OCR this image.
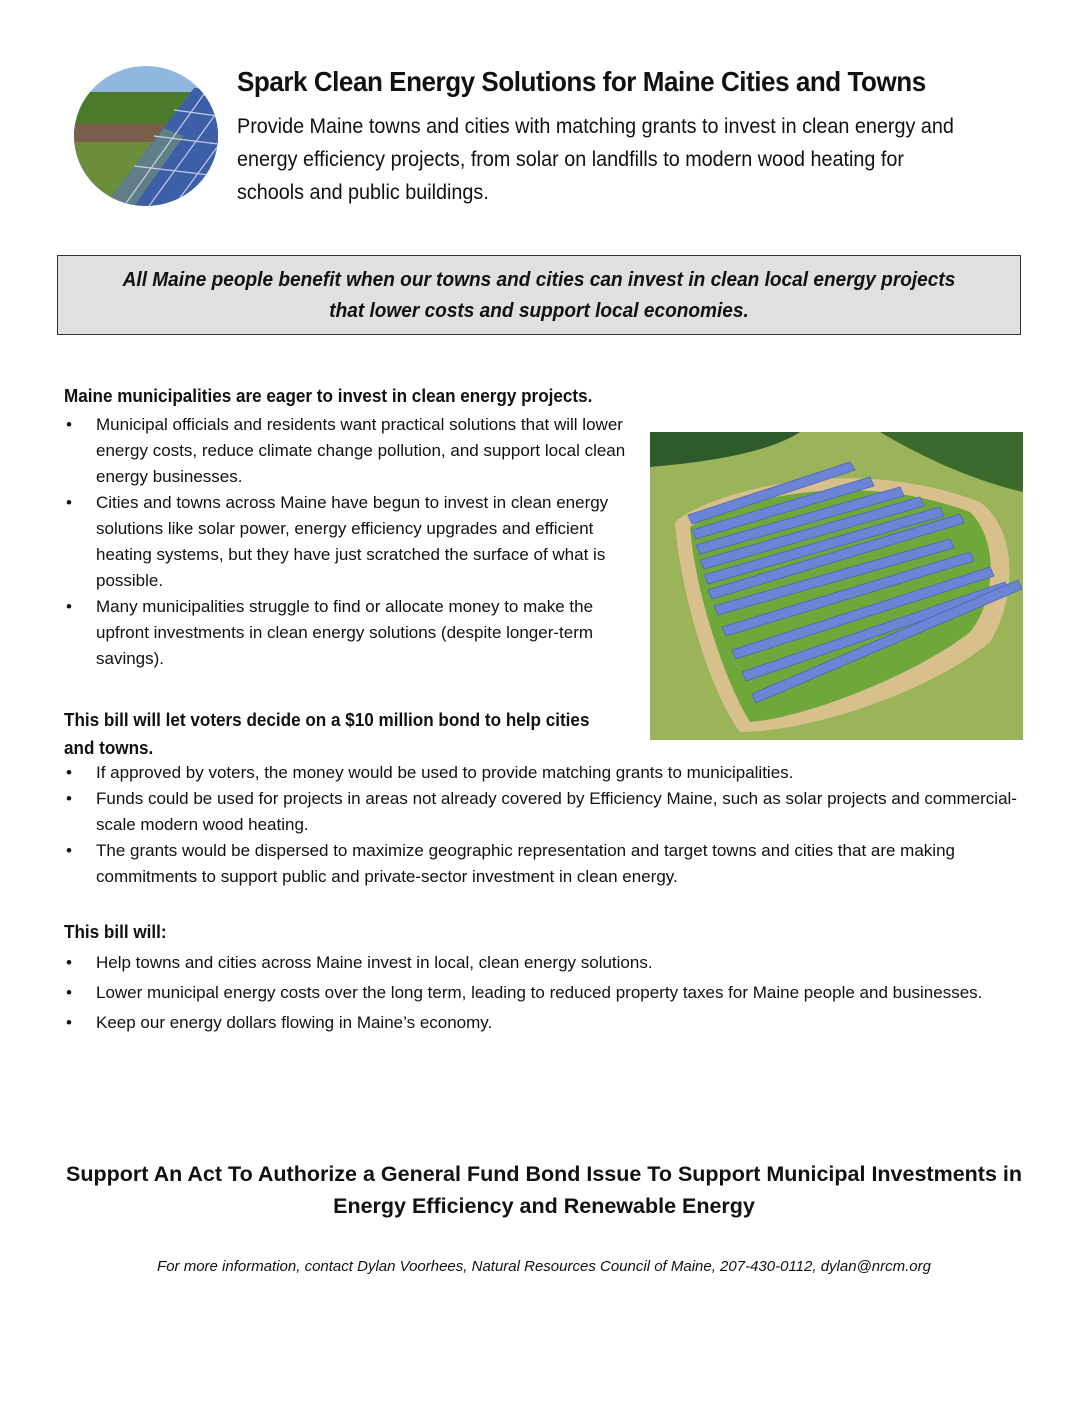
Spark Clean Energy Solutions for Maine Cities and Towns
Provide Maine towns and cities with matching grants to invest in clean energy and energy efficiency projects, from solar on landfills to modern wood heating for schools and public buildings.

All Maine people benefit when our towns and cities can invest in clean local energy projects that lower costs and support local economies.

Maine municipalities are eager to invest in clean energy projects.
• Municipal officials and residents want practical solutions that will lower energy costs, reduce climate change pollution, and support local clean energy businesses.
• Cities and towns across Maine have begun to invest in clean energy solutions like solar power, energy efficiency upgrades and efficient heating systems, but they have just scratched the surface of what is possible.
• Many municipalities struggle to find or allocate money to make the upfront investments in clean energy solutions (despite longer-term savings).
This bill will let voters decide on a $10 million bond to help cities and towns.
• If approved by voters, the money would be used to provide matching grants to municipalities.
• Funds could be used for projects in areas not already covered by Efficiency Maine, such as solar projects and commercial-scale modern wood heating.
• The grants would be dispersed to maximize geographic representation and target towns and cities that are making commitments to support public and private-sector investment in clean energy.
This bill will:
• Help towns and cities across Maine invest in local, clean energy solutions.
• Lower municipal energy costs over the long term, leading to reduced property taxes for Maine people and businesses.
• Keep our energy dollars flowing in Maine’s economy.
Support An Act To Authorize a General Fund Bond Issue To Support Municipal Investments in Energy Efficiency and Renewable Energy
For more information, contact Dylan Voorhees, Natural Resources Council of Maine, 207-430-0112, dylan@nrcm.org
